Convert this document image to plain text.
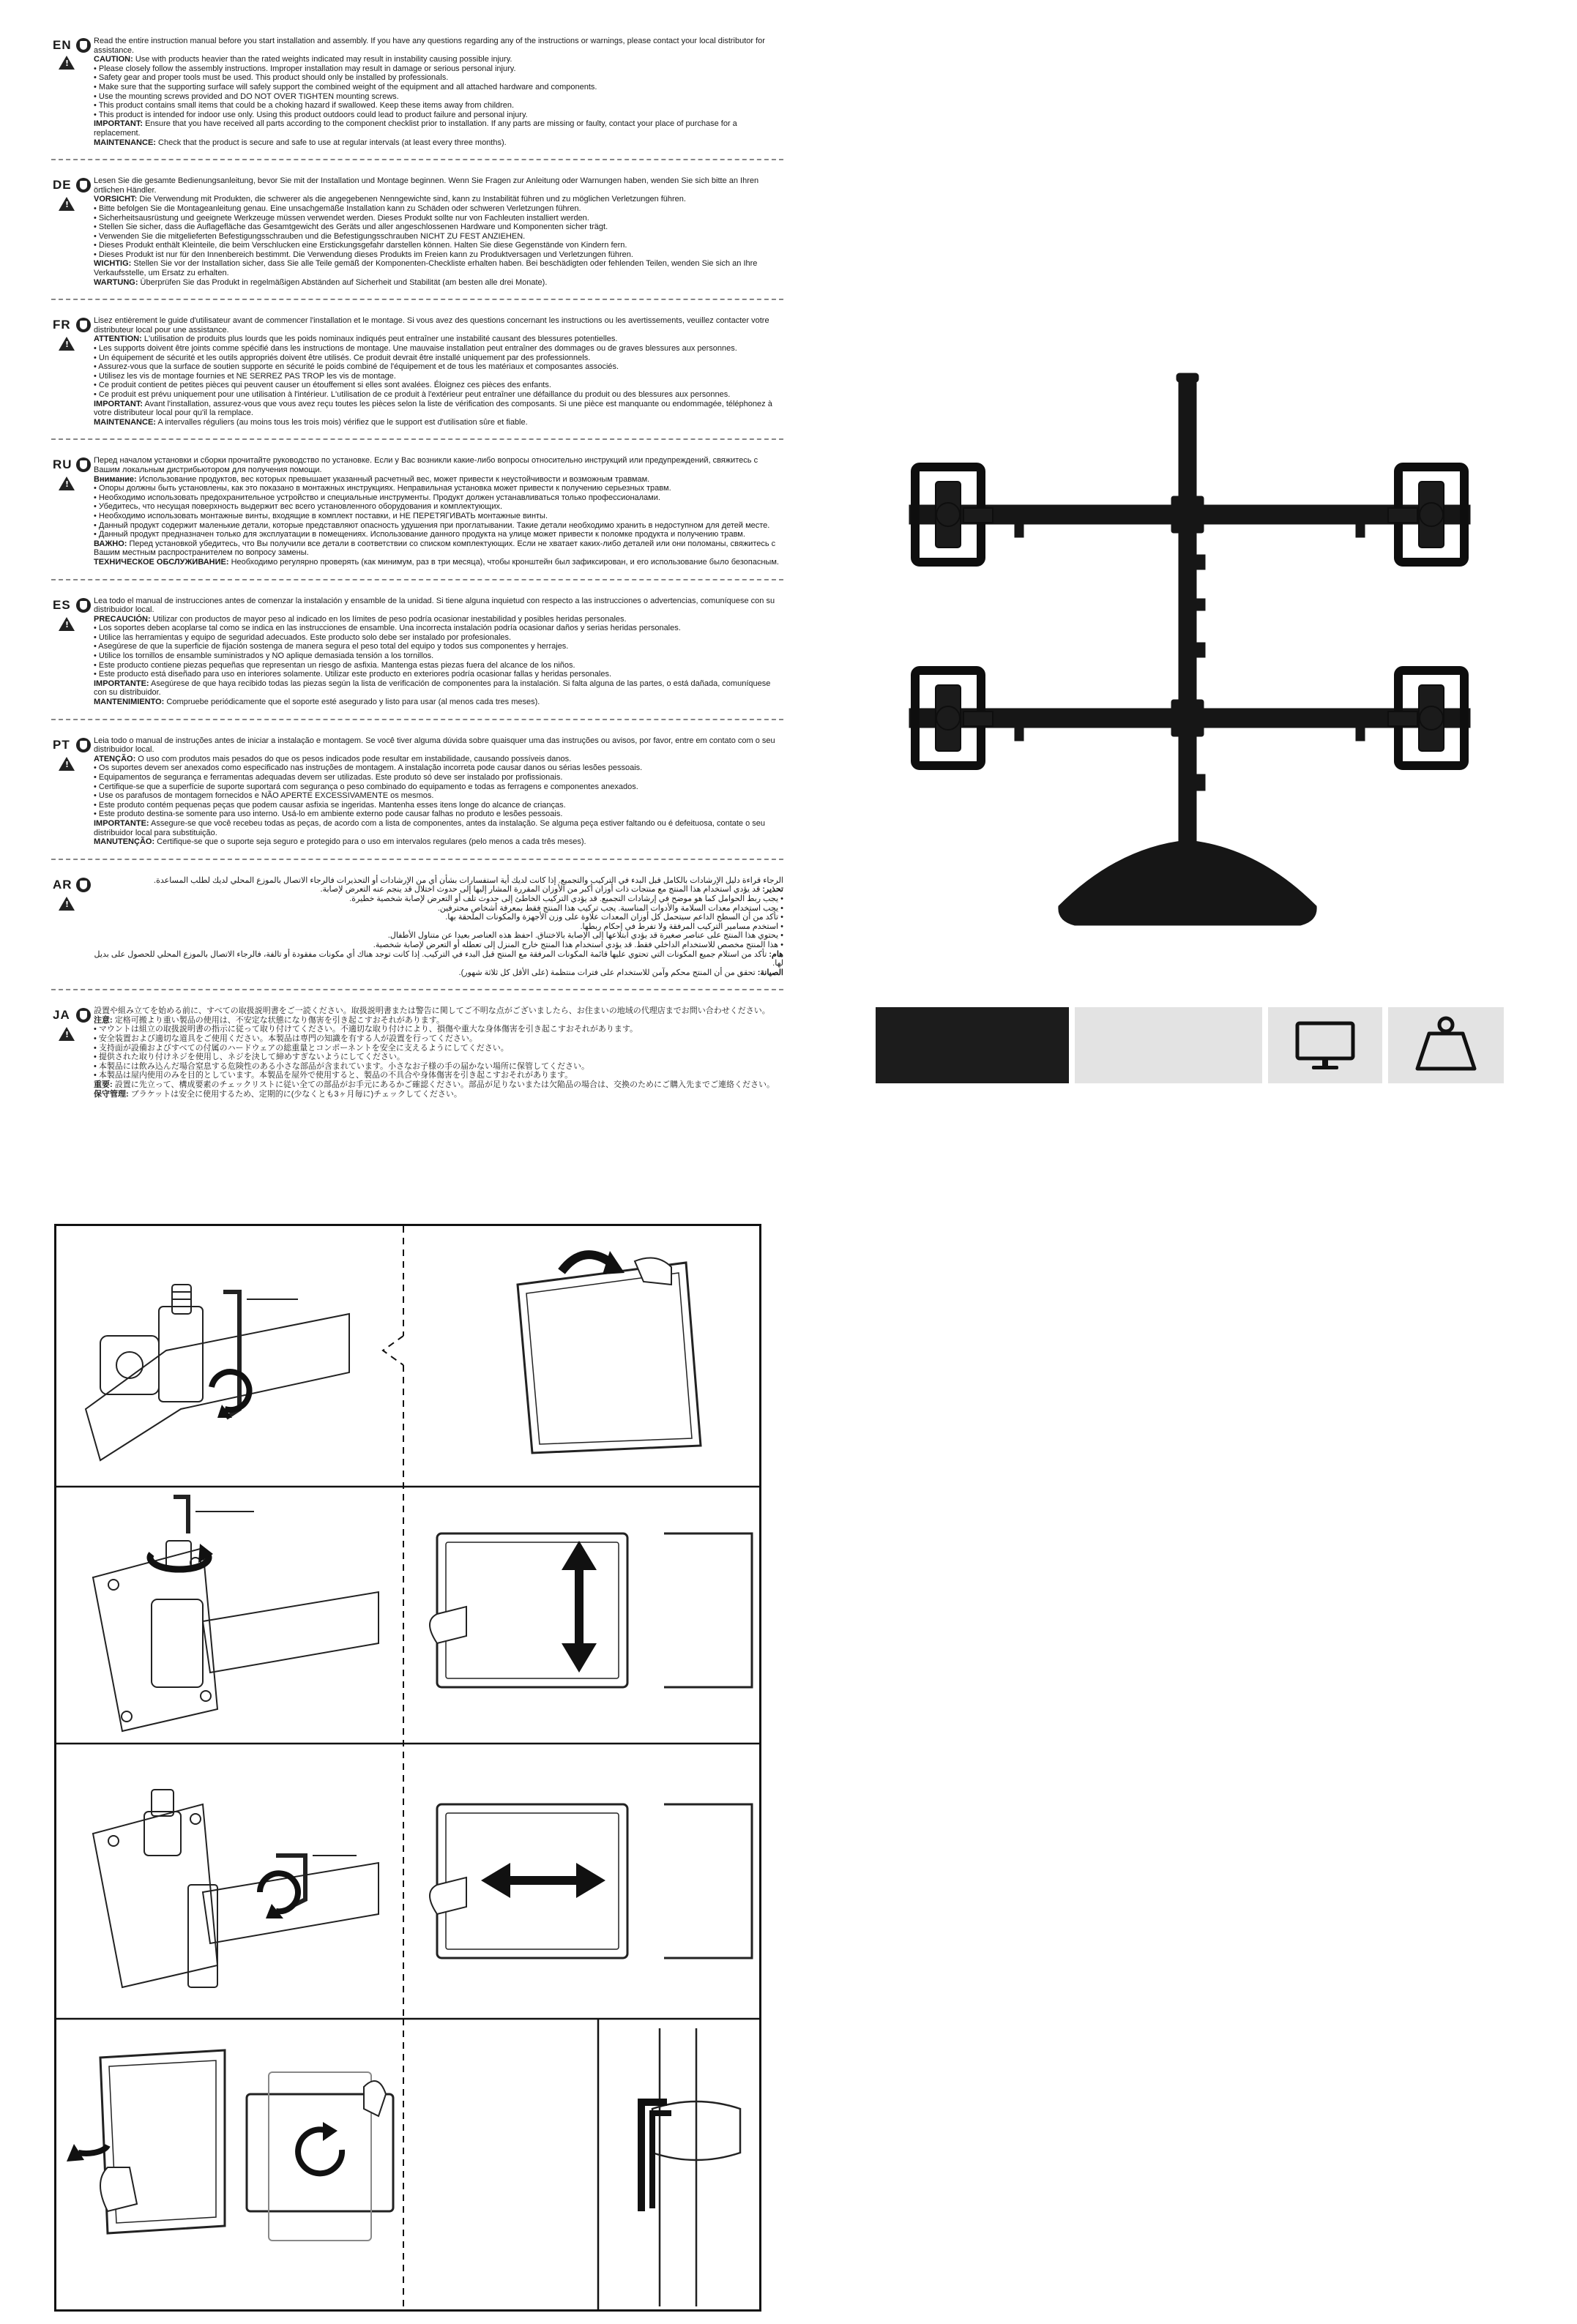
EN	Read the entire instruction manual before you start installation and assembly. If you have any questions regarding any of the instructions or warnings, please contact your local distributor for assistance.
CAUTION: Use with products heavier than the rated weights indicated may result in instability causing possible injury.
• Please closely follow the assembly instructions. Improper installation may result in damage or serious personal injury.
• Safety gear and proper tools must be used. This product should only be installed by professionals.
• Make sure that the supporting surface will safely support the combined weight of the equipment and all attached hardware and components.
• Use the mounting screws provided and DO NOT OVER TIGHTEN mounting screws.
• This product contains small items that could be a choking hazard if swallowed. Keep these items away from children.
• This product is intended for indoor use only. Using this product outdoors could lead to product failure and personal injury.
IMPORTANT: Ensure that you have received all parts according to the component checklist prior to installation. If any parts are missing or faulty, contact your place of purchase for a replacement.
MAINTENANCE: Check that the product is secure and safe to use at regular intervals (at least every three months).

!
DE	Lesen Sie die gesamte Bedienungsanleitung, bevor Sie mit der Installation und Montage beginnen. Wenn Sie Fragen zur Anleitung oder Warnungen haben, wenden Sie sich bitte an Ihren örtlichen Händler.
VORSICHT: Die Verwendung mit Produkten, die schwerer als die angegebenen Nenngewichte sind, kann zu Instabilität führen und zu möglichen Verletzungen führen.
• Bitte befolgen Sie die Montageanleitung genau. Eine unsachgemäße Installation kann zu Schäden oder schweren Verletzungen führen.
• Sicherheitsausrüstung und geeignete Werkzeuge müssen verwendet werden. Dieses Produkt sollte nur von Fachleuten installiert werden.
• Stellen Sie sicher, dass die Auflagefläche das Gesamtgewicht des Geräts und aller angeschlossenen Hardware und Komponenten sicher trägt.
• Verwenden Sie die mitgelieferten Befestigungsschrauben und die Befestigungsschrauben NICHT ZU FEST ANZIEHEN.
• Dieses Produkt enthält Kleinteile, die beim Verschlucken eine Erstickungsgefahr darstellen können. Halten Sie diese Gegenstände von Kindern fern.
• Dieses Produkt ist nur für den Innenbereich bestimmt. Die Verwendung dieses Produkts im Freien kann zu Produktversagen und Verletzungen führen.
WICHTIG: Stellen Sie vor der Installation sicher, dass Sie alle Teile gemäß der Komponenten-Checkliste erhalten haben. Bei beschädigten oder fehlenden Teilen, wenden Sie sich an Ihre Verkaufsstelle, um Ersatz zu erhalten.
WARTUNG: Überprüfen Sie das Produkt in regelmäßigen Abständen auf Sicherheit und Stabilität (am besten alle drei Monate).

!
FR	Lisez entièrement le guide d'utilisateur avant de commencer l'installation et le montage. Si vous avez des questions concernant les instructions ou les avertissements, veuillez contacter votre distributeur local pour une assistance.
ATTENTION: L'utilisation de produits plus lourds que les poids nominaux indiqués peut entraîner une instabilité causant des blessures potentielles.
• Les supports doivent être joints comme spécifié dans les instructions de montage. Une mauvaise installation peut entraîner des dommages ou de graves blessures aux personnes.
• Un équipement de sécurité et les outils appropriés doivent être utilisés. Ce produit devrait être installé uniquement par des professionnels.
• Assurez-vous que la surface de soutien supporte en sécurité le poids combiné de l'équipement et de tous les matériaux et composantes associés.
• Utilisez les vis de montage fournies et NE SERREZ PAS TROP les vis de montage.
• Ce produit contient de petites pièces qui peuvent causer un étouffement si elles sont avalées. Éloignez ces pièces des enfants.
• Ce produit est prévu uniquement pour une utilisation à l'intérieur. L'utilisation de ce produit à l'extérieur peut entraîner une défaillance du produit ou des blessures aux personnes.
IMPORTANT: Avant l'installation, assurez-vous que vous avez reçu toutes les pièces selon la liste de vérification des composants. Si une pièce est manquante ou endommagée, téléphonez à votre distributeur local pour qu'il la remplace.
MAINTENANCE: A intervalles réguliers (au moins tous les trois mois) vérifiez que le support est d'utilisation sûre et fiable.

!
RU	Перед началом установки и сборки прочитайте руководство по установке. Если у Вас возникли какие-либо вопросы относительно инструкций или предупреждений, свяжитесь с Вашим локальным дистрибьютором для получения помощи.
Внимание: Использование продуктов, вес которых превышает указанный расчетный вес, может привести к неустойчивости и возможным травмам.
• Опоры должны быть установлены, как это показано в монтажных инструкциях. Неправильная установка может привести к получению серьезных травм.
• Необходимо использовать предохранительное устройство и специальные инструменты. Продукт должен устанавливаться только профессионалами.
• Убедитесь, что несущая поверхность выдержит вес всего установленного оборудования и комплектующих.
• Необходимо использовать монтажные винты, входящие в комплект поставки, и НЕ ПЕРЕТЯГИВАТЬ монтажные винты.
• Данный продукт содержит маленькие детали, которые представляют опасность удушения при проглатывании. Такие детали необходимо хранить в недоступном для детей месте.
• Данный продукт предназначен только для эксплуатации в помещениях. Использование данного продукта на улице может привести к поломке продукта и получению травм.
ВАЖНО: Перед установкой убедитесь, что Вы получили все детали в соответствии со списком комплектующих. Если не хватает каких-либо деталей или они поломаны, свяжитесь с Вашим местным распространителем по вопросу замены.
ТЕХНИЧЕСКОЕ ОБСЛУЖИВАНИЕ: Необходимо регулярно проверять (как минимум, раз в три месяца), чтобы кронштейн был зафиксирован, и его использование было безопасным.

!
ES	Lea todo el manual de instrucciones antes de comenzar la instalación y ensamble de la unidad. Si tiene alguna inquietud con respecto a las instrucciones o advertencias, comuníquese con su distribuidor local.
PRECAUCIÓN: Utilizar con productos de mayor peso al indicado en los límites de peso podría ocasionar inestabilidad y posibles heridas personales.
• Los soportes deben acoplarse tal como se indica en las instrucciones de ensamble. Una incorrecta instalación podría ocasionar daños y serias heridas personales.
• Utilice las herramientas y equipo de seguridad adecuados. Este producto solo debe ser instalado por profesionales.
• Asegúrese de que la superficie de fijación sostenga de manera segura el peso total del equipo y todos sus componentes y herrajes.
• Utilice los tornillos de ensamble suministrados y NO aplique demasiada tensión a los tornillos.
• Este producto contiene piezas pequeñas que representan un riesgo de asfixia. Mantenga estas piezas fuera del alcance de los niños.
• Este producto está diseñado para uso en interiores solamente. Utilizar este producto en exteriores podría ocasionar fallas y heridas personales.
IMPORTANTE: Asegúrese de que haya recibido todas las piezas según la lista de verificación de componentes para la instalación. Si falta alguna de las partes, o está dañada, comuníquese con su distribuidor.
MANTENIMIENTO: Compruebe periódicamente que el soporte esté asegurado y listo para usar (al menos cada tres meses).

!
PT	Leia todo o manual de instruções antes de iniciar a instalação e montagem. Se você tiver alguma dúvida sobre quaisquer uma das instruções ou avisos, por favor, entre em contato com o seu distribuidor local.
ATENÇÃO: O uso com produtos mais pesados do que os pesos indicados pode resultar em instabilidade, causando possíveis danos.
• Os suportes devem ser anexados como especificado nas instruções de montagem. A instalação incorreta pode causar danos ou sérias lesões pessoais.
• Equipamentos de segurança e ferramentas adequadas devem ser utilizadas. Este produto só deve ser instalado por profissionais.
• Certifique-se que a superfície de suporte suportará com segurança o peso combinado do equipamento e todas as ferragens e componentes anexados.
• Use os parafusos de montagem fornecidos e NÃO APERTE EXCESSIVAMENTE os mesmos.
• Este produto contém pequenas peças que podem causar asfixia se ingeridas. Mantenha esses itens longe do alcance de crianças.
• Este produto destina-se somente para uso interno. Usá-lo em ambiente externo pode causar falhas no produto e lesões pessoais.
IMPORTANTE: Assegure-se que você recebeu todas as peças, de acordo com a lista de componentes, antes da instalação. Se alguma peça estiver faltando ou é defeituosa, contate o seu distribuidor local para substituição.
MANUTENÇÃO: Certifique-se que o suporte seja seguro e protegido para o uso em intervalos regulares (pelo menos a cada três meses).

!
AR	الرجاء قراءة دليل الإرشادات بالكامل قبل البدء في التركيب والتجميع. إذا كانت لديك أية استفسارات بشأن أي من الإرشادات أو التحذيرات فالرجاء الاتصال بالموزع المحلي لديك لطلب المساعدة.
تحذير: قد يؤدي استخدام هذا المنتج مع منتجات ذات أوزان أكبر من الأوزان المقررة المشار إليها إلى حدوث اختلال قد ينجم عنه التعرض لإصابة.
• يجب ربط الحوامل كما هو موضح في إرشادات التجميع. قد يؤدي التركيب الخاطئ إلى حدوث تلف أو التعرض لإصابة شخصية خطيرة.
• يجب استخدام معدات السلامة والأدوات المناسبة. يجب تركيب هذا المنتج فقط بمعرفة أشخاص محترفين.
• تأكد من أن السطح الداعم سيتحمل كل أوزان المعدات علاوة على وزن الأجهزة والمكونات الملحقة بها.
• استخدم مسامير التركيب المرفقة ولا تفرط في إحكام ربطها.
• يحتوي هذا المنتج على عناصر صغيرة قد يؤدي ابتلاعها إلى الإصابة بالاختناق. احفظ هذه العناصر بعيدا عن متناول الأطفال.
• هذا المنتج مخصص للاستخدام الداخلي فقط. قد يؤدي استخدام هذا المنتج خارج المنزل إلى تعطله أو التعرض لإصابة شخصية.
هام: تأكد من استلام جميع المكونات التي تحتوي عليها قائمة المكونات المرفقة مع المنتج قبل البدء في التركيب. إذا كانت توجد هناك أي مكونات مفقودة أو تالفة، فالرجاء الاتصال بالموزع المحلي للحصول على بديل لها.
الصيانة: تحقق من أن المنتج محكم وآمن للاستخدام على فترات منتظمة (على الأقل كل ثلاثة شهور).

!
JA	設置や組み立てを始める前に、すべての取扱説明書をご一読ください。取扱説明書または警告に関してご不明な点がございましたら、お住まいの地域の代理店までお問い合わせください。
注意: 定格可搬より重い製品の使用は、不安定な状態になり傷害を引き起こすおそれがあります。
• マウントは組立の取扱説明書の指示に従って取り付けてください。不適切な取り付けにより、損傷や重大な身体傷害を引き起こすおそれがあります。
• 安全装置および適切な道具をご使用ください。本製品は専門の知識を有する人が設置を行ってください。
• 支持面が設備およびすべての付属のハードウェアの総重量とコンポーネントを安全に支えるようにしてください。
• 提供された取り付けネジを使用し、ネジを決して締めすぎないようにしてください。
• 本製品には飲み込んだ場合窒息する危険性のある小さな部品が含まれています。小さなお子様の手の届かない場所に保管してください。
• 本製品は屋内使用のみを目的としています。本製品を屋外で使用すると、製品の不具合や身体傷害を引き起こすおそれがあります。
重要: 設置に先立って、構成要素のチェックリストに従い全ての部品がお手元にあるかご確認ください。部品が足りないまたは欠陥品の場合は、交換のためにご購入先までご連絡ください。
保守管理: ブラケットは安全に使用するため、定期的に(少なくとも3ヶ月毎に)チェックしてください。

!
